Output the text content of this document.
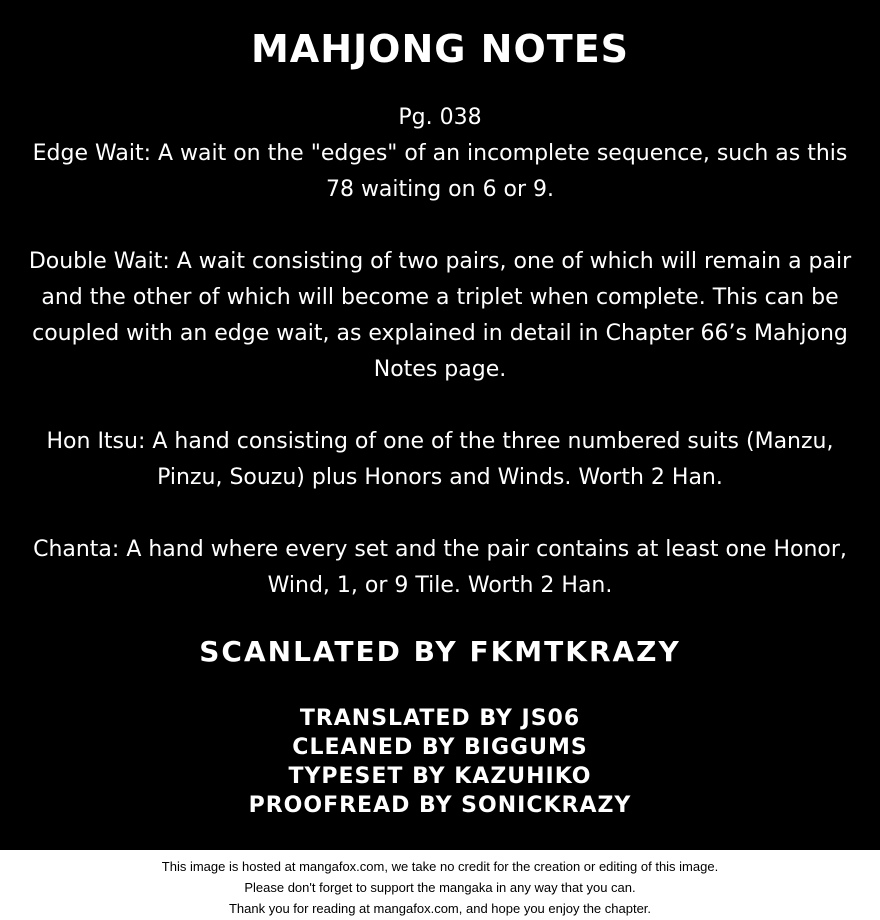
MAHJONG NOTES

Pg. 038

Edge Wait: A wait on the "edges" of an incomplete sequence, such as this 78 waiting on 6 or 9.

Double Wait: A wait consisting of two pairs, one of which will remain a pair and the other of which will become a triplet when complete. This can be coupled with an edge wait, as explained in detail in Chapter 66’s Mahjong Notes page.

Hon Itsu: A hand consisting of one of the three numbered suits (Manzu, Pinzu, Souzu) plus Honors and Winds. Worth 2 Han.

Chanta: A hand where every set and the pair contains at least one Honor, Wind, 1, or 9 Tile. Worth 2 Han.

SCANLATED BY FKMTKRAZY
TRANSLATED BY JS06
CLEANED BY BIGGUMS
TYPESET BY KAZUHIKO
PROOFREAD BY SONICKRAZY
This image is hosted at mangafox.com, we take no credit for the creation or editing of this image.
Please don't forget to support the mangaka in any way that you can.
Thank you for reading at mangafox.com, and hope you enjoy the chapter.
